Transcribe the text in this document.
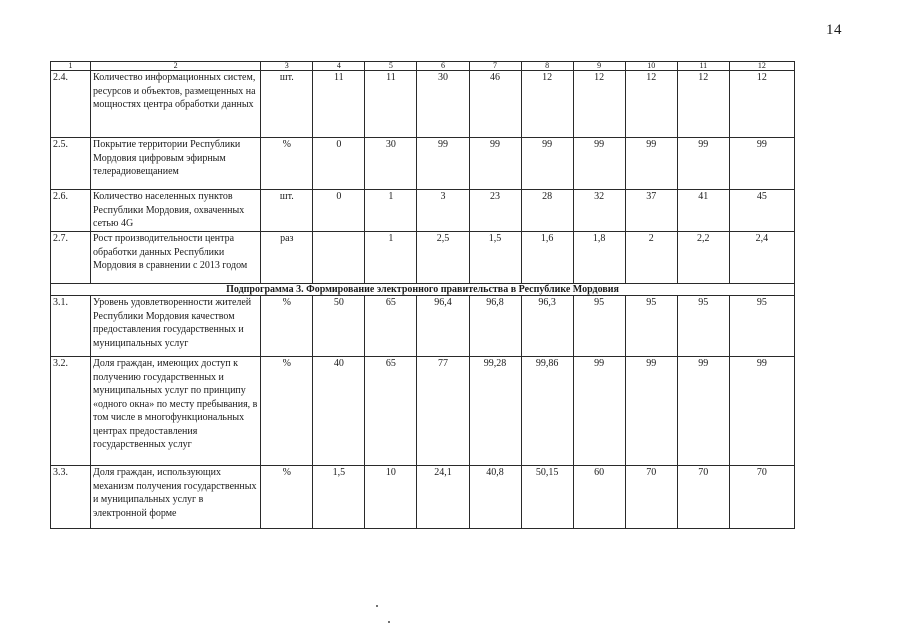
14
1	2	3	4	5	6	7	8	9	10	11	12
2.4.	Количество информационных систем, ресурсов и объектов, размещенных на мощностях центра обработки данных	шт.	11	11	30	46	12	12	12	12	12
2.5.	Покрытие территории Республики Мордовия цифровым эфирным телерадиовещанием	%	0	30	99	99	99	99	99	99	99
2.6.	Количество населенных пунктов Республики Мордовия, охваченных сетью 4G	шт.	0	1	3	23	28	32	37	41	45
2.7.	Рост производительности центра обработки данных Республики Мордовия в сравнении с 2013 годом	раз		1	2,5	1,5	1,6	1,8	2	2,2	2,4
Подпрограмма 3. Формирование электронного правительства в Республике Мордовия											
3.1.	Уровень удовлетворенности жителей Республики Мордовия качеством предоставления государственных и муниципальных услуг	%	50	65	96,4	96,8	96,3	95	95	95	95
3.2.	Доля граждан, имеющих доступ к получению государственных и муниципальных услуг по принципу «одного окна» по месту пребывания, в том числе в многофункциональных центрах предоставления государственных услуг	%	40	65	77	99,28	99,86	99	99	99	99
3.3.	Доля граждан, использующих механизм получения государственных и муниципальных услуг в электронной форме	%	1,5	10	24,1	40,8	50,15	60	70	70	70
